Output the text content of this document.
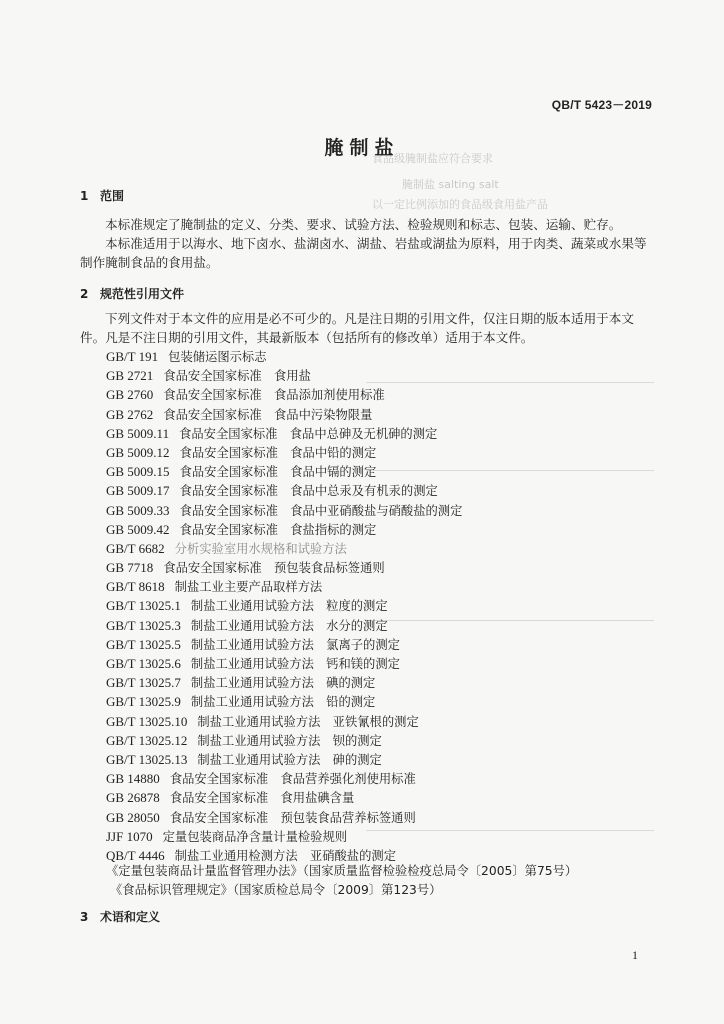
食品级腌制盐应符合要求
腌制盐 salting salt
以一定比例添加的食品级食用盐产品
QB/T 5423－2019
腌制盐
1 范围
本标准规定了腌制盐的定义、分类、要求、试验方法、检验规则和标志、包装、运输、贮存。
本标准适用于以海水、地下卤水、盐湖卤水、湖盐、岩盐或湖盐为原料，用于肉类、蔬菜或水果等制作腌制食品的食用盐。
2 规范性引用文件
下列文件对于本文件的应用是必不可少的。凡是注日期的引用文件，仅注日期的版本适用于本文件。凡是不注日期的引用文件，其最新版本（包括所有的修改单）适用于本文件。
GB/T 191 包装储运图示标志
GB 2721 食品安全国家标准　食用盐
GB 2760 食品安全国家标准　食品添加剂使用标准
GB 2762 食品安全国家标准　食品中污染物限量
GB 5009.11 食品安全国家标准　食品中总砷及无机砷的测定
GB 5009.12 食品安全国家标准　食品中铅的测定
GB 5009.15 食品安全国家标准　食品中镉的测定
GB 5009.17 食品安全国家标准　食品中总汞及有机汞的测定
GB 5009.33 食品安全国家标准　食品中亚硝酸盐与硝酸盐的测定
GB 5009.42 食品安全国家标准　食盐指标的测定
GB/T 6682 分析实验室用水规格和试验方法
GB 7718 食品安全国家标准　预包装食品标签通则
GB/T 8618 制盐工业主要产品取样方法
GB/T 13025.1 制盐工业通用试验方法　粒度的测定
GB/T 13025.3 制盐工业通用试验方法　水分的测定
GB/T 13025.5 制盐工业通用试验方法　氯离子的测定
GB/T 13025.6 制盐工业通用试验方法　钙和镁的测定
GB/T 13025.7 制盐工业通用试验方法　碘的测定
GB/T 13025.9 制盐工业通用试验方法　铅的测定
GB/T 13025.10 制盐工业通用试验方法　亚铁氰根的测定
GB/T 13025.12 制盐工业通用试验方法　钡的测定
GB/T 13025.13 制盐工业通用试验方法　砷的测定
GB 14880 食品安全国家标准　食品营养强化剂使用标准
GB 26878 食品安全国家标准　食用盐碘含量
GB 28050 食品安全国家标准　预包装食品营养标签通则
JJF 1070 定量包装商品净含量计量检验规则
QB/T 4446 制盐工业通用检测方法　亚硝酸盐的测定
《定量包装商品计量监督管理办法》（国家质量监督检验检疫总局令〔2005〕第75号）
《食品标识管理规定》（国家质检总局令〔2009〕第123号）
3 术语和定义
1
